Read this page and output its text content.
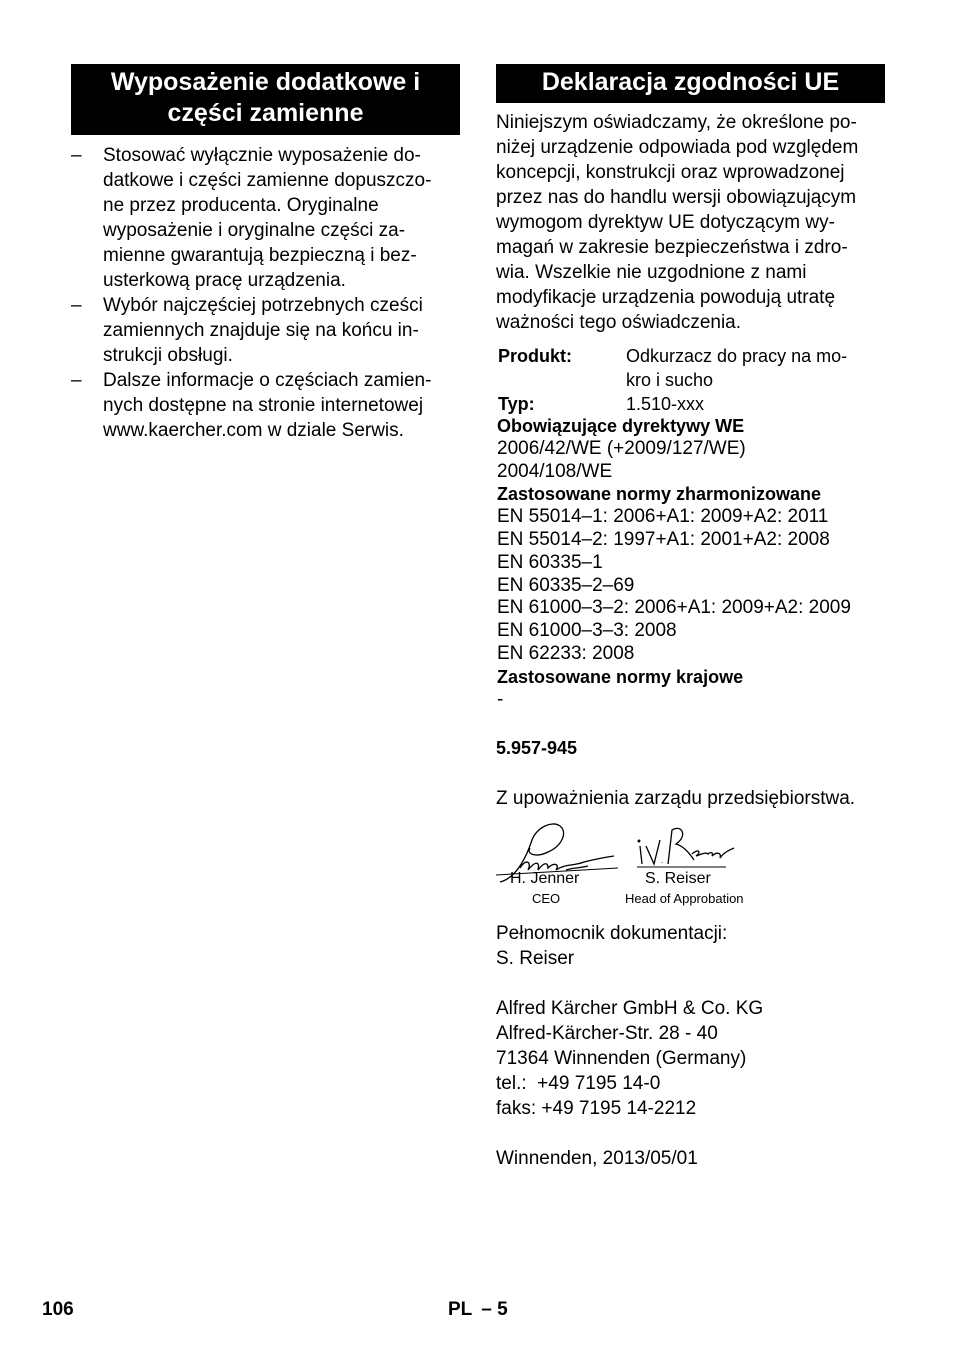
Wyposażenie dodatkowe i
części zamienne
– Stosować wyłącznie wyposażenie do-
datkowe i części zamienne dopuszczo-
ne przez producenta. Oryginalne
wyposażenie i oryginalne części za-
mienne gwarantują bezpieczną i bez-
usterkową pracę urządzenia.
– Wybór najczęściej potrzebnych cześci
zamiennych znajduje się na końcu in-
strukcji obsługi.
– Dalsze informacje o częściach zamien-
nych dostępne na stronie internetowej
www.kaercher.com w dziale Serwis.
Deklaracja zgodności UE
Niniejszym oświadczamy, że określone po-
niżej urządzenie odpowiada pod względem
koncepcji, konstrukcji oraz wprowadzonej
przez nas do handlu wersji obowiązującym
wymogom dyrektyw UE dotyczącym wy-
magań w zakresie bezpieczeństwa i zdro-
wia. Wszelkie nie uzgodnione z nami
modyfikacje urządzenia powodują utratę
ważności tego oświadczenia.
Produkt:	Odkurzacz do pracy na mo-
kro i sucho
Typ:	1.510-xxx
Obowiązujące dyrektywy WE
2006/42/WE (+2009/127/WE)
2004/108/WE
Zastosowane normy zharmonizowane
EN 55014–1: 2006+A1: 2009+A2: 2011
EN 55014–2: 1997+A1: 2001+A2: 2008
EN 60335–1
EN 60335–2–69
EN 61000–3–2: 2006+A1: 2009+A2: 2009
EN 61000–3–3: 2008
EN 62233: 2008
Zastosowane normy krajowe
-
5.957-945
Z upoważnienia zarządu przedsiębiorstwa.
H. Jenner
CEO
S. Reiser
Head of Approbation
Pełnomocnik dokumentacji:
S. Reiser
Alfred Kärcher GmbH & Co. KG
Alfred-Kärcher-Str. 28 - 40
71364 Winnenden (Germany)
tel.:  +49 7195 14-0
faks: +49 7195 14-2212
Winnenden, 2013/05/01
106	PL – 5
